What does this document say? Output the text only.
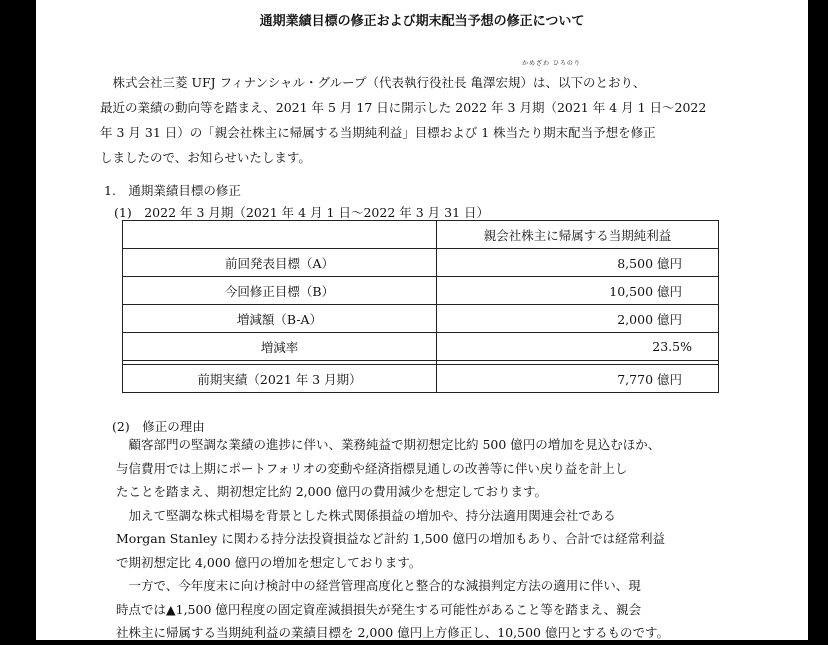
通期業績目標の修正および期末配当予想の修正について
かめざわ ひろのり
　株式会社三菱 UFJ フィナンシャル・グループ（代表執行役社長 亀澤宏規）は、以下のとおり、
最近の業績の動向等を踏まえ、2021 年 5 月 17 日に開示した 2022 年 3 月期（2021 年 4 月 1 日〜2022
年 3 月 31 日）の「親会社株主に帰属する当期純利益」目標および 1 株当たり期末配当予想を修正
しましたので、お知らせいたします。
1.　通期業績目標の修正
(1)　2022 年 3 月期（2021 年 4 月 1 日〜2022 年 3 月 31 日）
	親会社株主に帰属する当期純利益
前回発表目標（A）	8,500 億円
今回修正目標（B）	10,500 億円
増減額（B-A）	2,000 億円
増減率	23.5%

前期実績（2021 年 3 月期）	7,770 億円
(2)　修正の理由
　顧客部門の堅調な業績の進捗に伴い、業務純益で期初想定比約 500 億円の増加を見込むほか、
与信費用では上期にポートフォリオの変動や経済指標見通しの改善等に伴い戻り益を計上し
たことを踏まえ、期初想定比約 2,000 億円の費用減少を想定しております。
　加えて堅調な株式相場を背景とした株式関係損益の増加や、持分法適用関連会社である
Morgan Stanley に関わる持分法投資損益など計約 1,500 億円の増加もあり、合計では経常利益
で期初想定比 4,000 億円の増加を想定しております。
　一方で、今年度末に向け検討中の経営管理高度化と整合的な減損判定方法の適用に伴い、現
時点では▲1,500 億円程度の固定資産減損損失が発生する可能性があること等を踏まえ、親会
社株主に帰属する当期純利益の業績目標を 2,000 億円上方修正し、10,500 億円とするものです。
